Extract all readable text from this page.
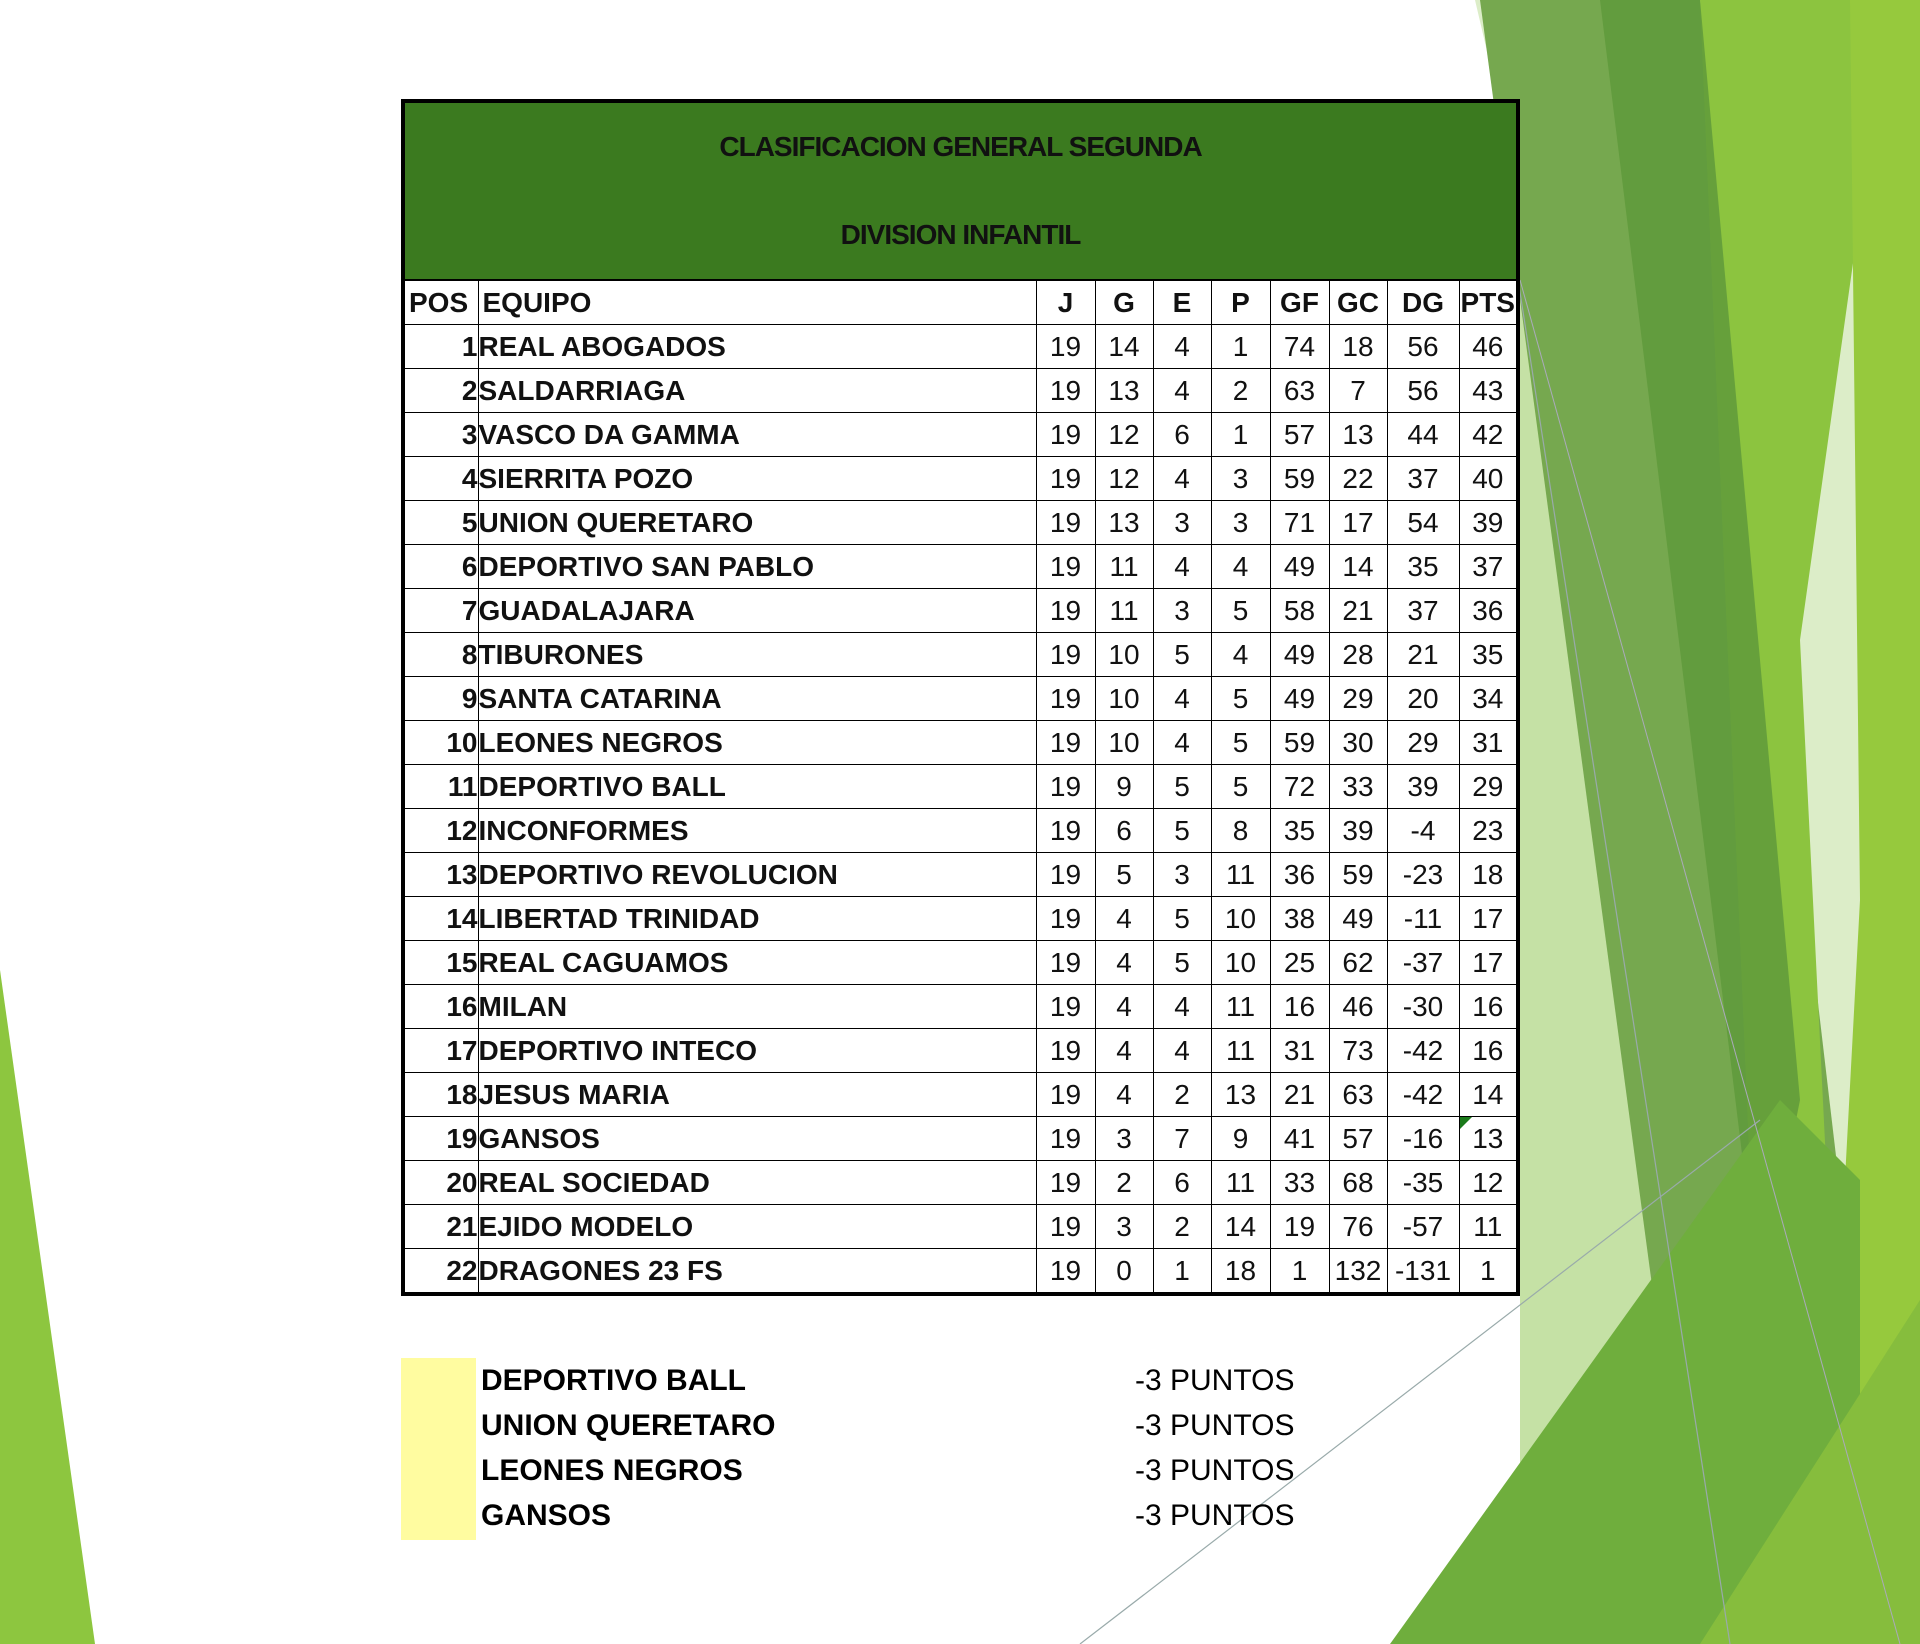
CLASIFICACION GENERAL SEGUNDA
DIVISION INFANTIL									

POS	EQUIPO	J	G	E	P	GF	GC	DG	PTS
1	REAL ABOGADOS	19	14	4	1	74	18	56	46
2	SALDARRIAGA	19	13	4	2	63	7	56	43
3	VASCO DA GAMMA	19	12	6	1	57	13	44	42
4	SIERRITA POZO	19	12	4	3	59	22	37	40
5	UNION QUERETARO	19	13	3	3	71	17	54	39
6	DEPORTIVO SAN PABLO	19	11	4	4	49	14	35	37
7	GUADALAJARA	19	11	3	5	58	21	37	36
8	TIBURONES	19	10	5	4	49	28	21	35
9	SANTA CATARINA	19	10	4	5	49	29	20	34
10	LEONES NEGROS	19	10	4	5	59	30	29	31
11	DEPORTIVO BALL	19	9	5	5	72	33	39	29
12	INCONFORMES	19	6	5	8	35	39	-4	23
13	DEPORTIVO REVOLUCION	19	5	3	11	36	59	-23	18
14	LIBERTAD TRINIDAD	19	4	5	10	38	49	-11	17
15	REAL CAGUAMOS	19	4	5	10	25	62	-37	17
16	MILAN	19	4	4	11	16	46	-30	16
17	DEPORTIVO INTECO	19	4	4	11	31	73	-42	16
18	JESUS MARIA	19	4	2	13	21	63	-42	14
19	GANSOS	19	3	7	9	41	57	-16	13
20	REAL SOCIEDAD	19	2	6	11	33	68	-35	12
21	EJIDO MODELO	19	3	2	14	19	76	-57	11
22	DRAGONES 23 FS	19	0	1	18	1	132	-131	1
DEPORTIVO BALL	-3 PUNTOS
UNION QUERETARO	-3 PUNTOS
LEONES NEGROS	-3 PUNTOS
GANSOS	-3 PUNTOS
